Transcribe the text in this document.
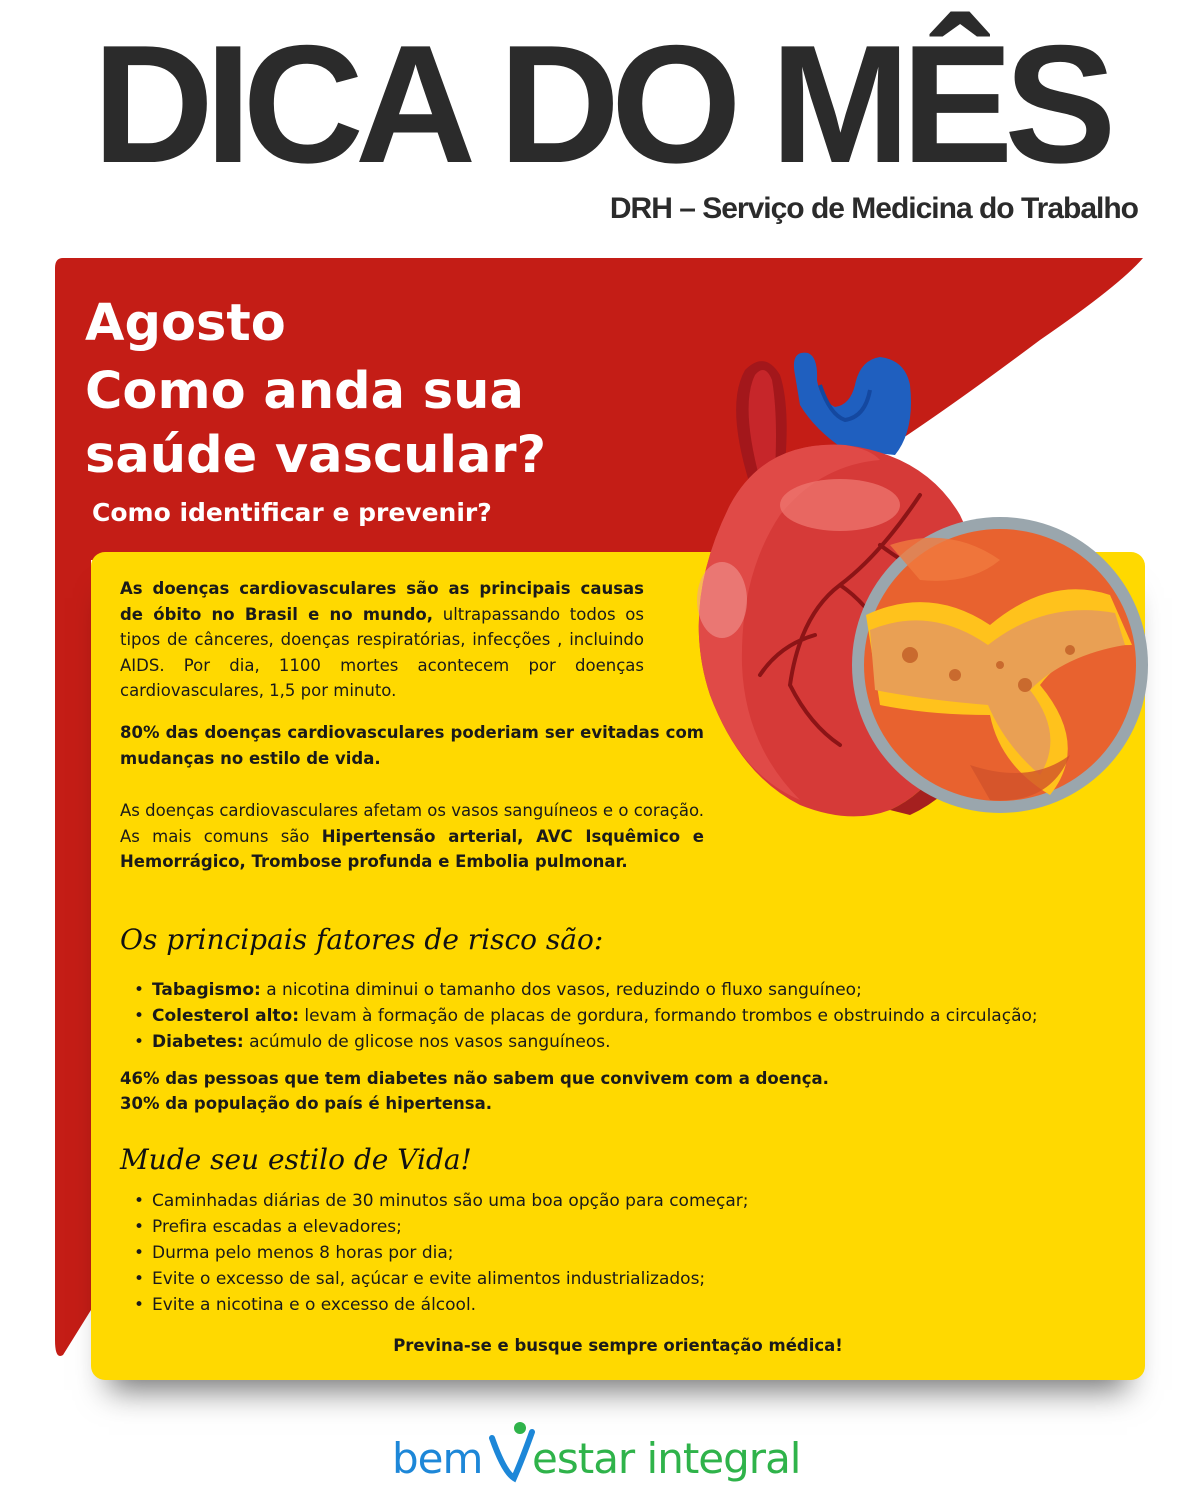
DICA DO MÊS
DRH – Serviço de Medicina do Trabalho
Agosto
Como anda sua
saúde vascular?
Como identificar e prevenir?

As doenças cardiovasculares são as principais causas de óbito no Brasil e no mundo, ultrapassando todos os tipos de cânceres, doenças respiratórias, infecções , incluindo AIDS. Por dia, 1100 mortes acontecem por doenças cardiovasculares, 1,5 por minuto.

80% das doenças cardiovasculares poderiam ser evitadas com mudanças no estilo de vida.

As doenças cardiovasculares afetam os vasos sanguíneos e o coração. As mais comuns são Hipertensão arterial, AVC Isquêmico e Hemorrágico, Trombose profunda e Embolia pulmonar.

Os principais fatores de risco são:
• Tabagismo: a nicotina diminui o tamanho dos vasos, reduzindo o fluxo sanguíneo;
• Colesterol alto: levam à formação de placas de gordura, formando trombos e obstruindo a circulação;
• Diabetes: acúmulo de glicose nos vasos sanguíneos.
46% das pessoas que tem diabetes não sabem que convivem com a doença.
30% da população do país é hipertensa.
Mude seu estilo de Vida!
• Caminhadas diárias de 30 minutos são uma boa opção para começar;
• Prefira escadas a elevadores;
• Durma pelo menos 8 horas por dia;
• Evite o excesso de sal, açúcar e evite alimentos industrializados;
• Evite a nicotina e o excesso de álcool.
Previna-se e busque sempre orientação médica!
bem estar integral
